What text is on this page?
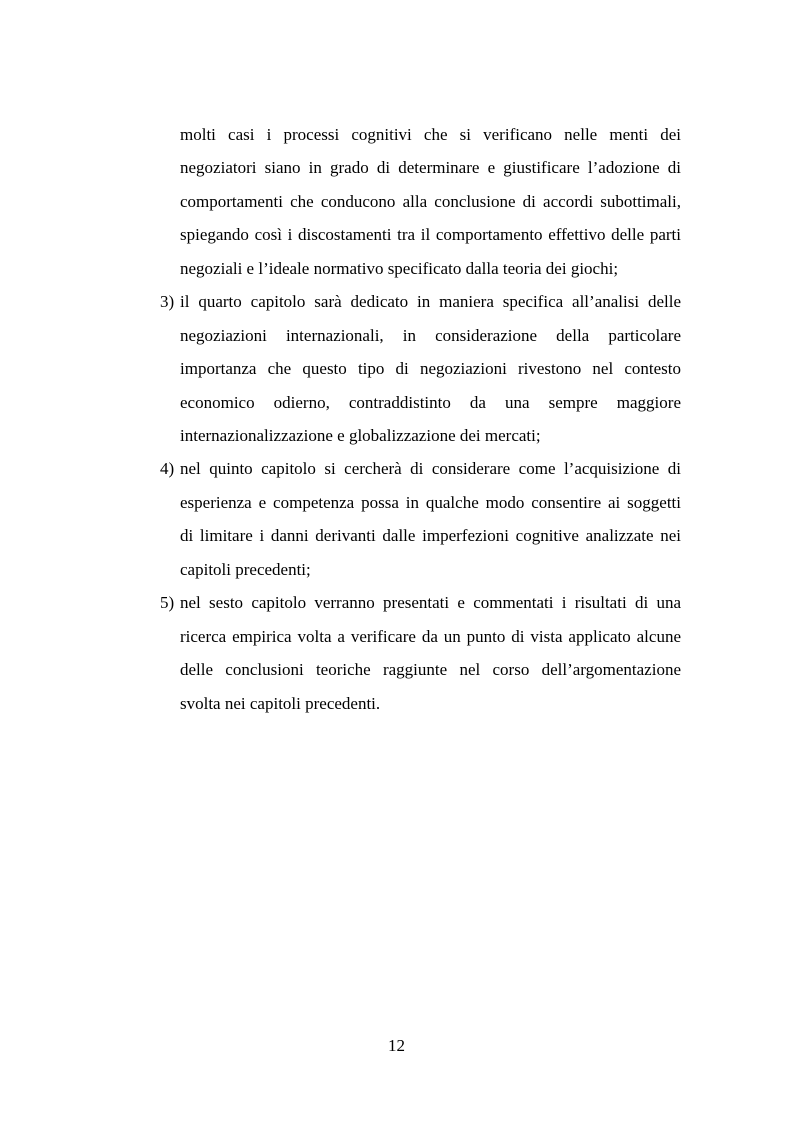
molti casi i processi cognitivi che si verificano nelle menti dei
negoziatori siano in grado di determinare e giustificare l’adozione di
comportamenti che conducono alla conclusione di accordi subottimali,
spiegando così i discostamenti tra il comportamento effettivo delle parti
negoziali e l’ideale normativo specificato dalla teoria dei giochi;
3) il quarto capitolo sarà dedicato in maniera specifica all’analisi delle
negoziazioni internazionali, in considerazione della particolare
importanza che questo tipo di negoziazioni rivestono nel contesto
economico odierno, contraddistinto da una sempre maggiore
internazionalizzazione e globalizzazione dei mercati;
4) nel quinto capitolo si cercherà di considerare come l’acquisizione di
esperienza e competenza possa in qualche modo consentire ai soggetti
di limitare i danni derivanti dalle imperfezioni cognitive analizzate nei
capitoli precedenti;
5) nel sesto capitolo verranno presentati e commentati i risultati di una
ricerca empirica volta a verificare da un punto di vista applicato alcune
delle conclusioni teoriche raggiunte nel corso dell’argomentazione
svolta nei capitoli precedenti.
12
